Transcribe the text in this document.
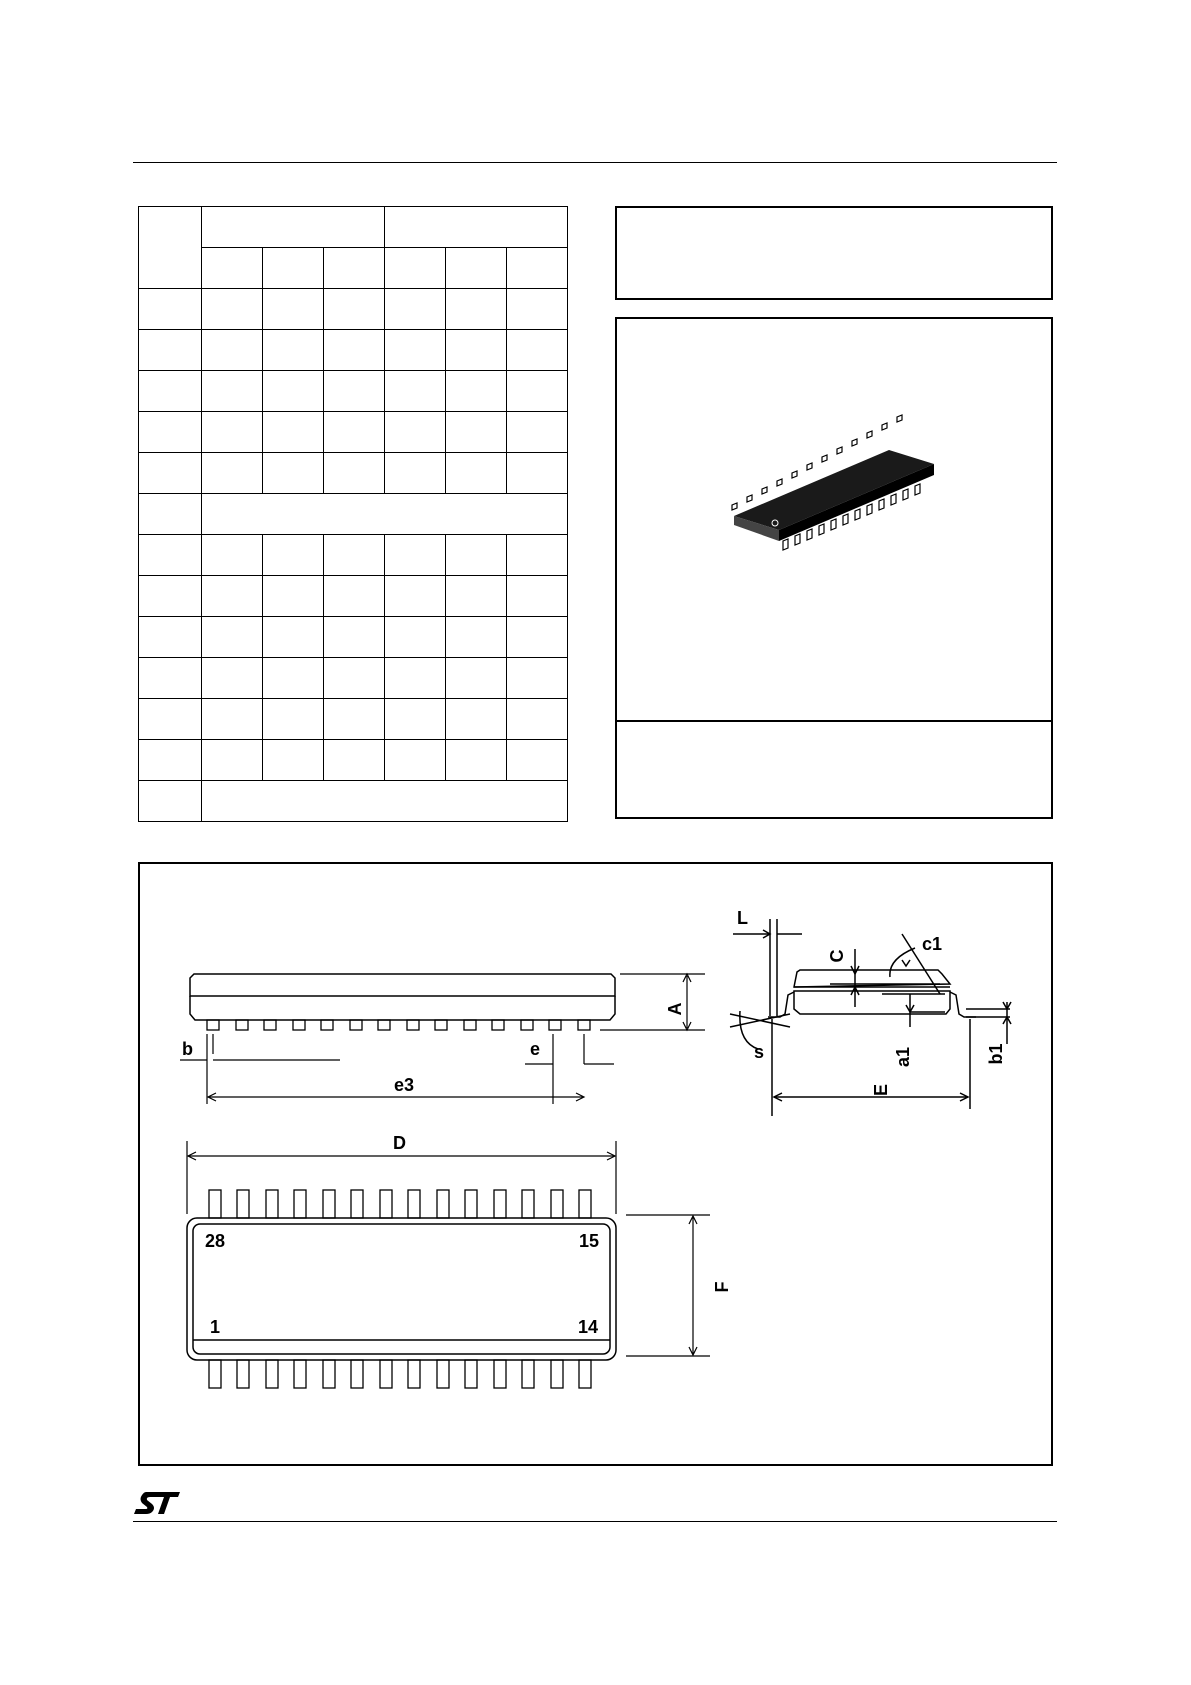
A
b	e
e3
D
F
28	15
1	14
L
C
c1
s	a1	b1
E
